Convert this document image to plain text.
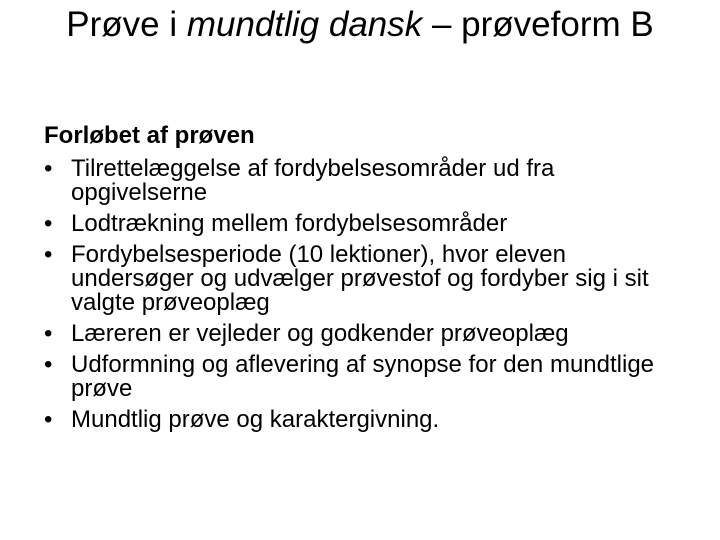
Prøve i mundtlig dansk – prøveform B

Forløbet af prøven

• Tilrettelæggelse af fordybelsesområder ud fra opgivelserne
• Lodtrækning mellem fordybelsesområder
• Fordybelsesperiode (10 lektioner), hvor eleven undersøger og udvælger prøvestof og fordyber sig i sit valgte prøveoplæg
• Læreren er vejleder og godkender prøveoplæg
• Udformning og aflevering af synopse for den mundtlige prøve
• Mundtlig prøve og karaktergivning.
